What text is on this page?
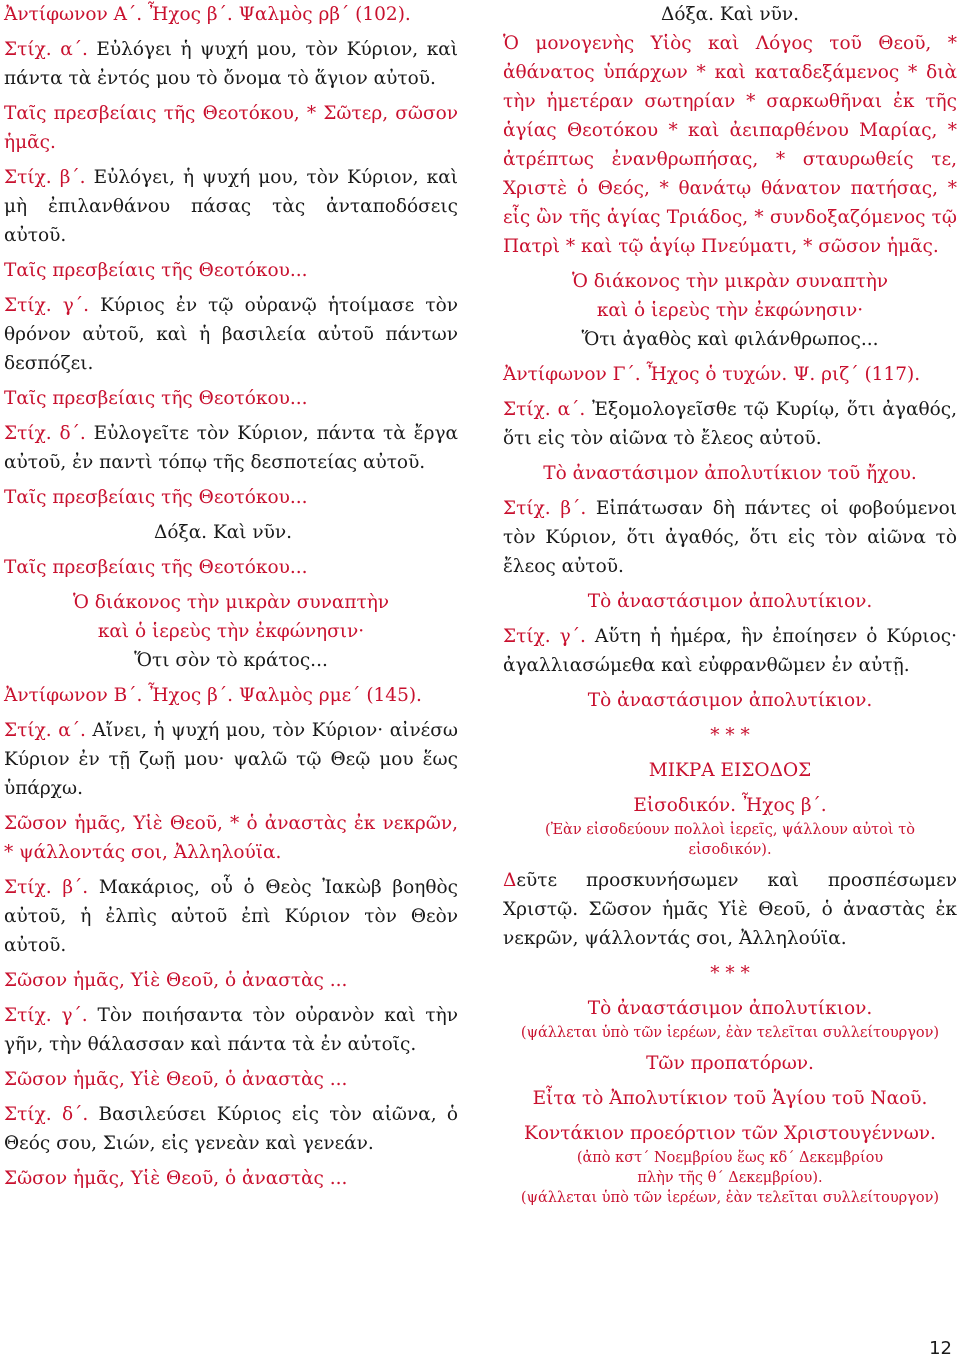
Ἀντίφωνον Α΄. Ἦχος β΄. Ψαλμὸς ρβ΄ (102).
Στίχ. α΄. Εὐλόγει ἡ ψυχή μου, τὸν Κύριον, καὶ πάντα τὰ ἐντός μου τὸ ὄνομα τὸ ἅγιον αὐτοῦ.
Ταῖς πρεσβείαις τῆς Θεοτόκου, * Σῶτερ, σῶσον ἡμᾶς.
Στίχ. β΄. Εὐλόγει, ἡ ψυχή μου, τὸν Κύριον, καὶ μὴ ἐπιλανθάνου πάσας τὰς ἀνταποδόσεις αὐτοῦ.
Ταῖς πρεσβείαις τῆς Θεοτόκου...
Στίχ. γ΄. Κύριος ἐν τῷ οὐρανῷ ἡτοίμασε τὸν θρόνον αὐτοῦ, καὶ ἡ βασιλεία αὐτοῦ πάντων δεσπόζει.
Ταῖς πρεσβείαις τῆς Θεοτόκου...
Στίχ. δ΄. Εὐλογεῖτε τὸν Κύριον, πάντα τὰ ἔργα αὐτοῦ, ἐν παντὶ τόπῳ τῆς δεσποτείας αὐτοῦ.
Ταῖς πρεσβείαις τῆς Θεοτόκου...
Δόξα. Καὶ νῦν.
Ταῖς πρεσβείαις τῆς Θεοτόκου...
Ὁ διάκονος τὴν μικρὰν συναπτὴν
καὶ ὁ ἱερεὺς τὴν ἐκφώνησιν·
Ὅτι σὸν τὸ κράτος...
Ἀντίφωνον Β΄. Ἦχος β΄. Ψαλμὸς ρμε΄ (145).
Στίχ. α΄. Αἴνει, ἡ ψυχή μου, τὸν Κύριον· αἰνέσω Κύριον ἐν τῇ ζωῇ μου· ψαλῶ τῷ Θεῷ μου ἕως ὑπάρχω.
Σῶσον ἡμᾶς, Υἱὲ Θεοῦ, * ὁ ἀναστὰς ἐκ νεκρῶν, * ψάλλοντάς σοι, Ἀλληλούϊα.
Στίχ. β΄. Μακάριος, οὗ ὁ Θεὸς Ἰακὼβ βοηθὸς αὐτοῦ, ἡ ἐλπὶς αὐτοῦ ἐπὶ Κύριον τὸν Θεὸν αὐτοῦ.
Σῶσον ἡμᾶς, Υἱὲ Θεοῦ, ὁ ἀναστὰς ...
Στίχ. γ΄. Τὸν ποιήσαντα τὸν οὐρανὸν καὶ τὴν γῆν, τὴν θάλασσαν καὶ πάντα τὰ ἐν αὐτοῖς.
Σῶσον ἡμᾶς, Υἱὲ Θεοῦ, ὁ ἀναστὰς ...
Στίχ. δ΄. Βασιλεύσει Κύριος εἰς τὸν αἰῶνα, ὁ Θεός σου, Σιών, εἰς γενεὰν καὶ γενεάν.
Σῶσον ἡμᾶς, Υἱὲ Θεοῦ, ὁ ἀναστὰς ...
Δόξα. Καὶ νῦν.
Ὁ μονογενὴς Υἱὸς καὶ Λόγος τοῦ Θεοῦ, * ἀθάνατος ὑπάρχων * καὶ καταδεξάμενος * διὰ τὴν ἡμετέραν σωτηρίαν * σαρκωθῆναι ἐκ τῆς ἁγίας Θεοτόκου * καὶ ἀειπαρθένου Μαρίας, * ἀτρέπτως ἐνανθρωπήσας, * σταυρωθείς τε, Χριστὲ ὁ Θεός, * θανάτῳ θάνατον πατήσας, * εἷς ὢν τῆς ἁγίας Τριάδος, * συνδοξαζόμενος τῷ Πατρὶ * καὶ τῷ ἁγίῳ Πνεύματι, * σῶσον ἡμᾶς.
Ὁ διάκονος τὴν μικρὰν συναπτὴν
καὶ ὁ ἱερεὺς τὴν ἐκφώνησιν·
Ὅτι ἀγαθὸς καὶ φιλάνθρωπος...
Ἀντίφωνον Γ΄. Ἦχος ὁ τυχών. Ψ. ριζ΄ (117).
Στίχ. α΄. Ἐξομολογεῖσθε τῷ Κυρίῳ, ὅτι ἀγαθός, ὅτι εἰς τὸν αἰῶνα τὸ ἔλεος αὐτοῦ.
Τὸ ἀναστάσιμον ἀπολυτίκιον τοῦ ἤχου.
Στίχ. β΄. Εἰπάτωσαν δὴ πάντες οἱ φοβούμενοι τὸν Κύριον, ὅτι ἀγαθός, ὅτι εἰς τὸν αἰῶνα τὸ ἔλεος αὐτοῦ.
Τὸ ἀναστάσιμον ἀπολυτίκιον.
Στίχ. γ΄. Αὕτη ἡ ἡμέρα, ἣν ἐποίησεν ὁ Κύριος· ἀγαλλιασώμεθα καὶ εὐφρανθῶμεν ἐν αὐτῇ.
Τὸ ἀναστάσιμον ἀπολυτίκιον.
* * *
ΜΙΚΡΑ ΕΙΣΟΔΟΣ
Εἰσοδικόν. Ἦχος β΄.
(Ἐὰν εἰσοδεύουν πολλοὶ ἱερεῖς, ψάλλουν αὐτοὶ τὸ εἰσοδικόν).
Δεῦτε προσκυνήσωμεν καὶ προσπέσωμεν Χριστῷ. Σῶσον ἡμᾶς Υἱὲ Θεοῦ, ὁ ἀναστὰς ἐκ νεκρῶν, ψάλλοντάς σοι, Ἀλληλούϊα.
* * *
Τὸ ἀναστάσιμον ἀπολυτίκιον.
(ψάλλεται ὑπὸ τῶν ἱερέων, ἐὰν τελεῖται συλλείτουργον)
Τῶν προπατόρων.
Εἶτα τὸ Ἀπολυτίκιον τοῦ Ἁγίου τοῦ Ναοῦ.
Κοντάκιον προεόρτιον τῶν Χριστουγέννων.
(ἀπὸ κστ΄ Νοεμβρίου ἕως κδ΄ Δεκεμβρίου
πλὴν τῆς θ΄ Δεκεμβρίου).
(ψάλλεται ὑπὸ τῶν ἱερέων, ἐὰν τελεῖται συλλείτουργον)
12
